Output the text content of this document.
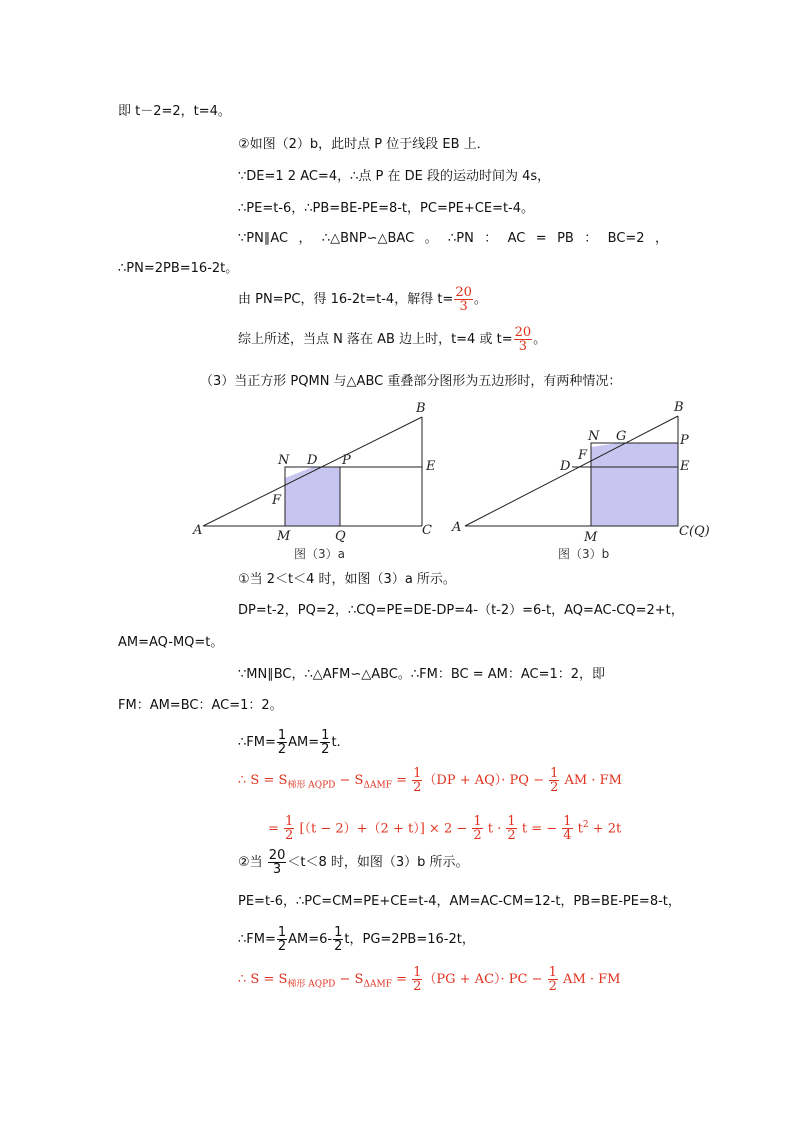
即 t－2=2，t=4。
②如图（2）b，此时点 P 位于线段 EB 上．
∵DE=1 2 AC=4，∴点 P 在 DE 段的运动时间为 4s，
∴PE=t-6，∴PB=BE-PE=8-t，PC=PE+CE=t-4。
∵PN∥AC ， ∴△BNP∽△BAC 。 ∴PN ： AC = PB ： BC=2 ，
∴PN=2PB=16-2t。
由 PN=PC，得 16-2t=t-4，解得 $t= \frac{20}{3}$ 。
综上所述，当点 N 落在 AB 边上时，t=4 或 $t= \frac{20}{3}$ 。
（3）当正方形 PQMN 与△ABC 重叠部分图形为五边形时，有两种情况：
B
E
C
A
N D P
F
M	Q
图（3）a
B
P
E
C(Q)
A
N G
F
D
M
图（3）b
①当 2＜t＜4 时，如图（3）a 所示。
DP=t-2，PQ=2，∴CQ=PE=DE-DP=4-（t-2）=6-t，AQ=AC-CQ=2+t，
AM=AQ-MQ=t。
∵MN∥BC，∴△AFM∽△ABC。∴FM：BC = AM：AC=1：2，即
FM：AM=BC：AC=1：2。
∴FM= $\frac{1}{2} AM= \frac{1}{2} t$.
∴ $S = S_{梯形 AQPD} - S_{\Delta AMF} = \frac{1}{2} (DP + AQ)\cdot$ PQ − $\frac{1}{2}$ AM · FM
= $\frac{1}{2} [(t - 2)+(2 + t)] \times 2 - \frac{1}{2}$ $t \cdot \frac{1}{2}$ t = − $\frac{1}{4} t^2 + 2t$
②当 $\frac{20}{3} <t<8$ 时，如图（3）b 所示。
PE=t-6，∴PC=CM=PE+CE=t-4，AM=AC-CM=12-t，PB=BE-PE=8-t，
∴FM= $\frac{1}{2} AM=6- \frac{1}{2}$ t，PG=2PB=16-2t，
∴ $S = S_{梯形 AQPD} - S_{\Delta AMF} = \frac{1}{2} (PG + AC)\cdot$ PC − $\frac{1}{2}$ AM · FM
